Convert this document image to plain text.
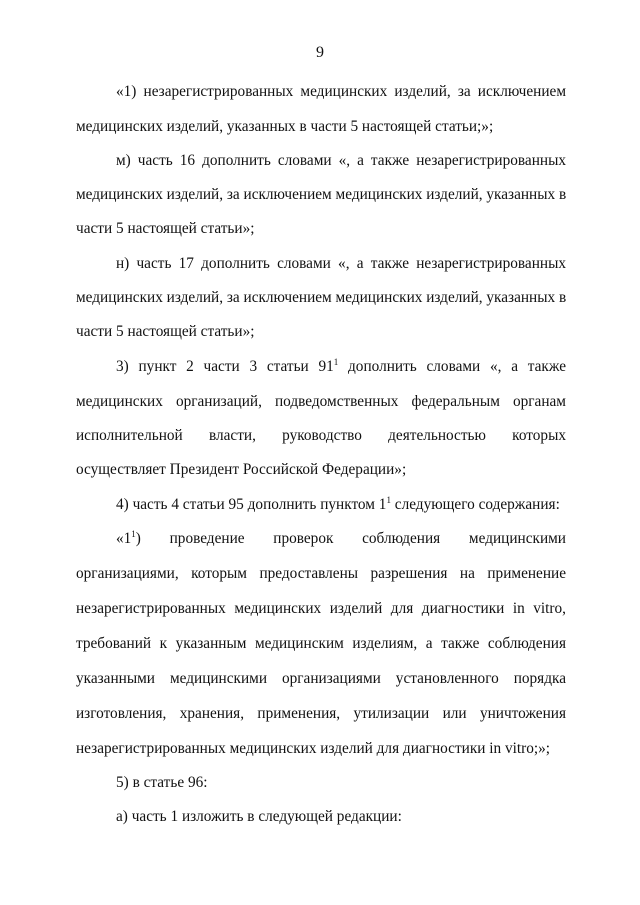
9
«1) незарегистрированных медицинских изделий, за исключением
медицинских изделий, указанных в части 5 настоящей статьи;»;
м) часть 16 дополнить словами «, а также незарегистрированных
медицинских изделий, за исключением медицинских изделий, указанных в
части 5 настоящей статьи»;
н) часть 17 дополнить словами «, а также незарегистрированных
медицинских изделий, за исключением медицинских изделий, указанных в
части 5 настоящей статьи»;
3) пункт 2 части 3 статьи $91^1$ дополнить словами «, а также
медицинских организаций, подведомственных федеральным органам
исполнительной власти, руководство деятельностью которых
осуществляет Президент Российской Федерации»;
4) часть 4 статьи 95 дополнить пунктом $1^1$ следующего содержания:
«$1^1$) проведение проверок соблюдения медицинскими
организациями, которым предоставлены разрешения на применение
незарегистрированных медицинских изделий для диагностики in vitro,
требований к указанным медицинским изделиям, а также соблюдения
указанными медицинскими организациями установленного порядка
изготовления, хранения, применения, утилизации или уничтожения
незарегистрированных медицинских изделий для диагностики in vitro;»;
5) в статье 96:
а) часть 1 изложить в следующей редакции:
